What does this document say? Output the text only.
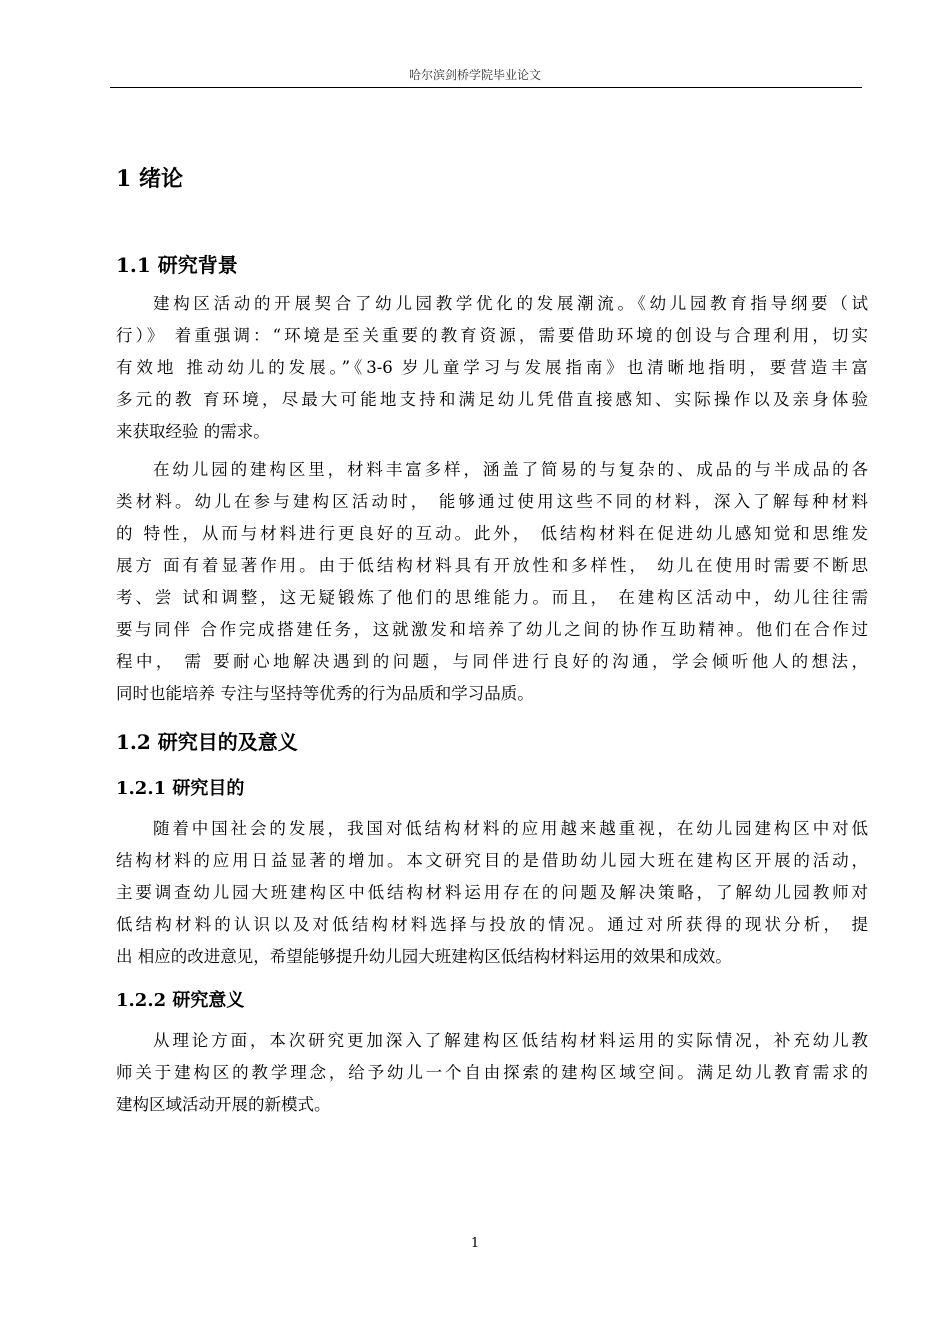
哈尔滨剑桥学院毕业论文
1 绪论
1.1 研究背景
建构区活动的开展契合了幼儿园教学优化的发展潮流。《幼儿园教育指导纲要（试
行）》 着重强调：“环境是至关重要的教育资源，需要借助环境的创设与合理利用，切实
有效地 推动幼儿的发展。”《3-6 岁儿童学习与发展指南》也清晰地指明，要营造丰富
多元的教 育环境，尽最大可能地支持和满足幼儿凭借直接感知、实际操作以及亲身体验
来获取经验 的需求。
在幼儿园的建构区里，材料丰富多样，涵盖了简易的与复杂的、成品的与半成品的各
类材料。幼儿在参与建构区活动时， 能够通过使用这些不同的材料，深入了解每种材料
的 特性，从而与材料进行更良好的互动。此外， 低结构材料在促进幼儿感知觉和思维发
展方 面有着显著作用。由于低结构材料具有开放性和多样性， 幼儿在使用时需要不断思
考、尝 试和调整，这无疑锻炼了他们的思维能力。而且， 在建构区活动中，幼儿往往需
要与同伴 合作完成搭建任务，这就激发和培养了幼儿之间的协作互助精神。他们在合作过
程中， 需 要耐心地解决遇到的问题，与同伴进行良好的沟通，学会倾听他人的想法，
同时也能培养 专注与坚持等优秀的行为品质和学习品质。
1.2 研究目的及意义
1.2.1 研究目的
随着中国社会的发展，我国对低结构材料的应用越来越重视，在幼儿园建构区中对低
结构材料的应用日益显著的增加。本文研究目的是借助幼儿园大班在建构区开展的活动，
主要调查幼儿园大班建构区中低结构材料运用存在的问题及解决策略，了解幼儿园教师对
低结构材料的认识以及对低结构材料选择与投放的情况。通过对所获得的现状分析， 提
出 相应的改进意见，希望能够提升幼儿园大班建构区低结构材料运用的效果和成效。
1.2.2 研究意义
从理论方面，本次研究更加深入了解建构区低结构材料运用的实际情况，补充幼儿教
师关于建构区的教学理念，给予幼儿一个自由探索的建构区域空间。满足幼儿教育需求的
建构区域活动开展的新模式。
1
